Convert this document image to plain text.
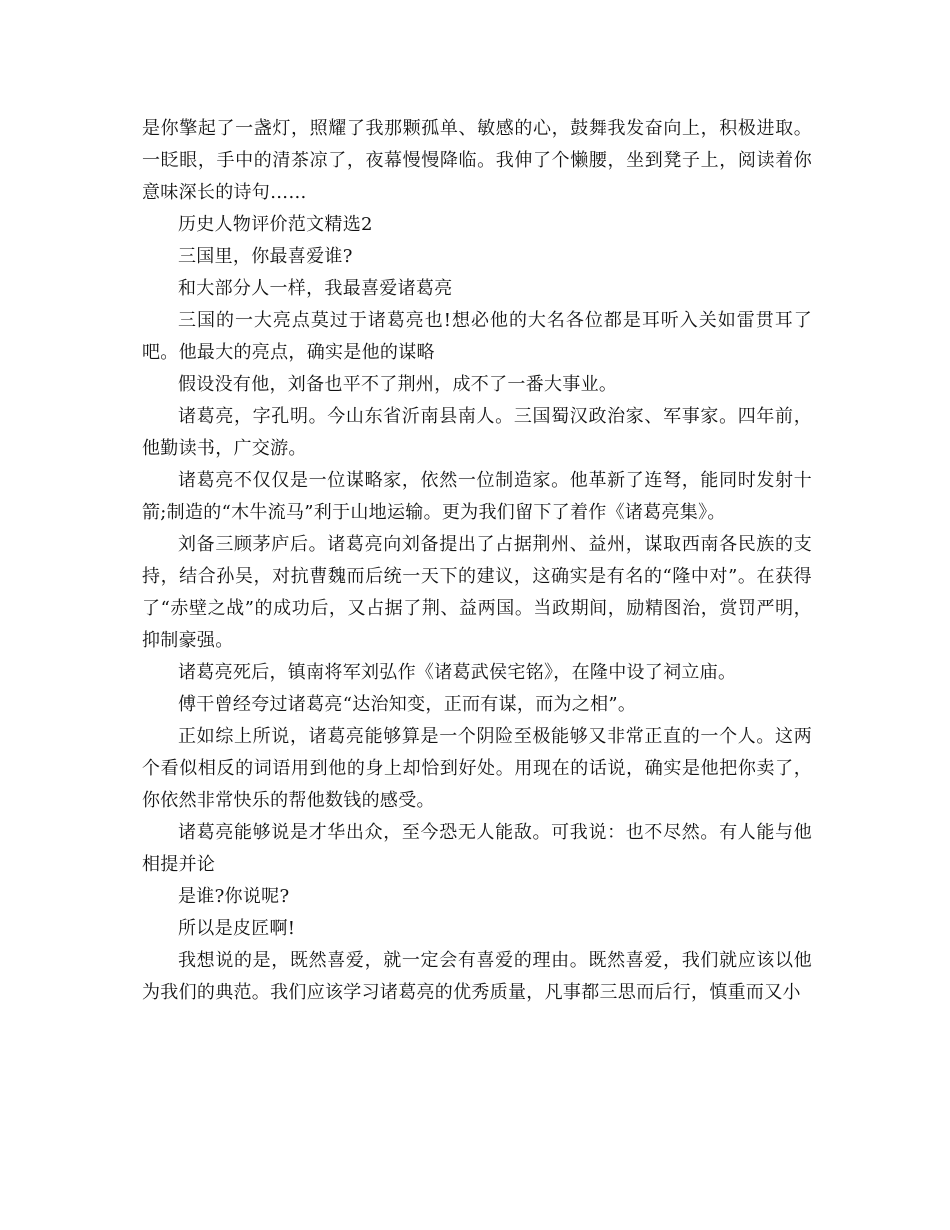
是你擎起了一盏灯，照耀了我那颗孤单、敏感的心，鼓舞我发奋向上，积极进取。一眨眼，手中的清茶凉了，夜幕慢慢降临。我伸了个懒腰，坐到凳子上，阅读着你意味深长的诗句……

历史人物评价范文精选2

三国里，你最喜爱谁?

和大部分人一样，我最喜爱诸葛亮

三国的一大亮点莫过于诸葛亮也!想必他的大名各位都是耳听入关如雷贯耳了吧。他最大的亮点，确实是他的谋略

假设没有他，刘备也平不了荆州，成不了一番大事业。

诸葛亮，字孔明。今山东省沂南县南人。三国蜀汉政治家、军事家。四年前，他勤读书，广交游。

诸葛亮不仅仅是一位谋略家，依然一位制造家。他革新了连弩，能同时发射十箭;制造的“木牛流马”利于山地运输。更为我们留下了着作《诸葛亮集》。

刘备三顾茅庐后。诸葛亮向刘备提出了占据荆州、益州，谋取西南各民族的支持，结合孙吴，对抗曹魏而后统一天下的建议，这确实是有名的“隆中对”。在获得了“赤壁之战”的成功后，又占据了荆、益两国。当政期间，励精图治，赏罚严明，抑制豪强。

诸葛亮死后，镇南将军刘弘作《诸葛武侯宅铭》，在隆中设了祠立庙。

傅干曾经夸过诸葛亮“达治知变，正而有谋，而为之相”。

正如综上所说，诸葛亮能够算是一个阴险至极能够又非常正直的一个人。这两个看似相反的词语用到他的身上却恰到好处。用现在的话说，确实是他把你卖了，你依然非常快乐的帮他数钱的感受。

诸葛亮能够说是才华出众，至今恐无人能敌。可我说：也不尽然。有人能与他相提并论

是谁?你说呢?

所以是皮匠啊!

我想说的是，既然喜爱，就一定会有喜爱的理由。既然喜爱，我们就应该以他为我们的典范。我们应该学习诸葛亮的优秀质量，凡事都三思而后行，慎重而又小
